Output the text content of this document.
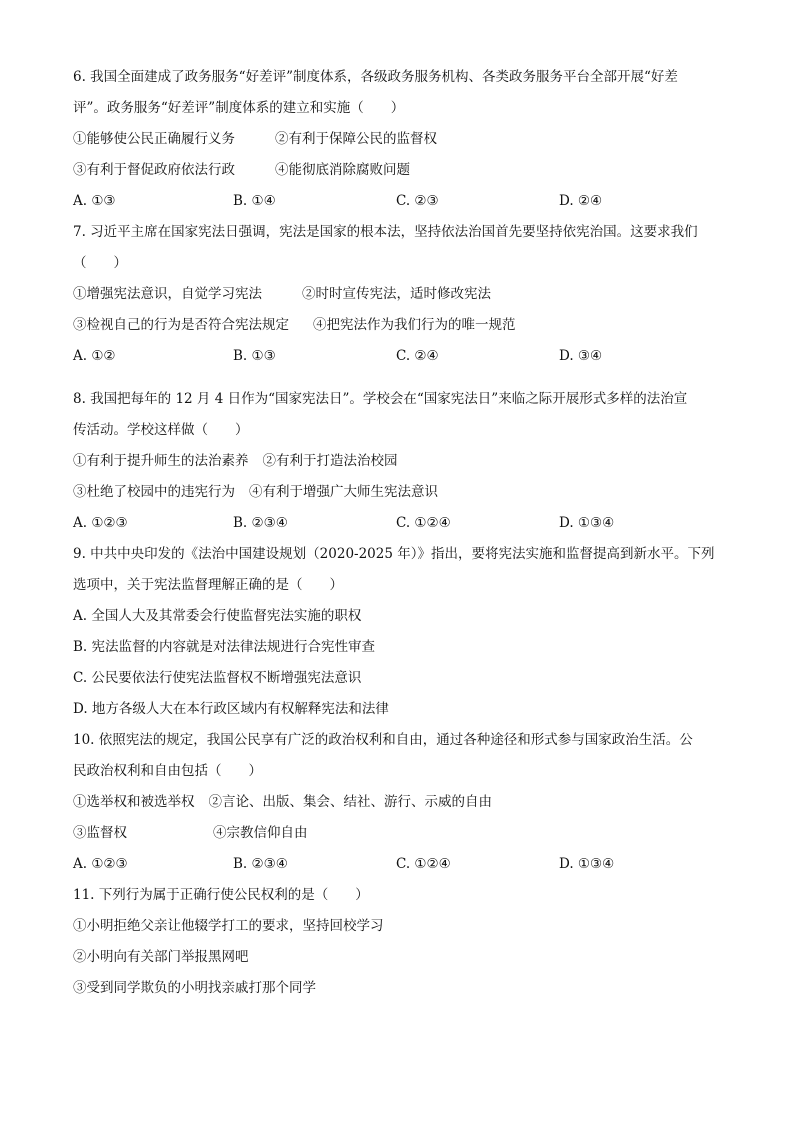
6. 我国全面建成了政务服务“好差评”制度体系，各级政务服务机构、各类政务服务平台全部开展“好差
评”。政务服务“好差评”制度体系的建立和实施（　　）
①能够使公民正确履行义务	②有利于保障公民的监督权
③有利于督促政府依法行政	④能彻底消除腐败问题
A. ①③	B. ①④	C. ②③	D. ②④
7. 习近平主席在国家宪法日强调，宪法是国家的根本法，坚持依法治国首先要坚持依宪治国。这要求我们
（　　）
①增强宪法意识，自觉学习宪法	②时时宣传宪法，适时修改宪法
③检视自己的行为是否符合宪法规定 ④把宪法作为我们行为的唯一规范
A. ①②	B. ①③	C. ②④	D. ③④
8. 我国把每年的 12 月 4 日作为“国家宪法日”。学校会在“国家宪法日”来临之际开展形式多样的法治宣
传活动。学校这样做（　　）
①有利于提升师生的法治素养 ②有利于打造法治校园
③杜绝了校园中的违宪行为 ④有利于增强广大师生宪法意识
A. ①②③	B. ②③④	C. ①②④	D. ①③④
9. 中共中央印发的《法治中国建设规划（2020-2025 年）》指出，要将宪法实施和监督提高到新水平。下列
选项中，关于宪法监督理解正确的是（　　）
A. 全国人大及其常委会行使监督宪法实施的职权
B. 宪法监督的内容就是对法律法规进行合宪性审查
C. 公民要依法行使宪法监督权不断增强宪法意识
D. 地方各级人大在本行政区域内有权解释宪法和法律
10. 依照宪法的规定，我国公民享有广泛的政治权利和自由，通过各种途径和形式参与国家政治生活。公
民政治权利和自由包括（　　）
①选举权和被选举权 ②言论、出版、集会、结社、游行、示威的自由
③监督权	④宗教信仰自由
A. ①②③	B. ②③④	C. ①②④	D. ①③④
11. 下列行为属于正确行使公民权利的是（　　）
①小明拒绝父亲让他辍学打工的要求，坚持回校学习
②小明向有关部门举报黑网吧
③受到同学欺负的小明找亲戚打那个同学
